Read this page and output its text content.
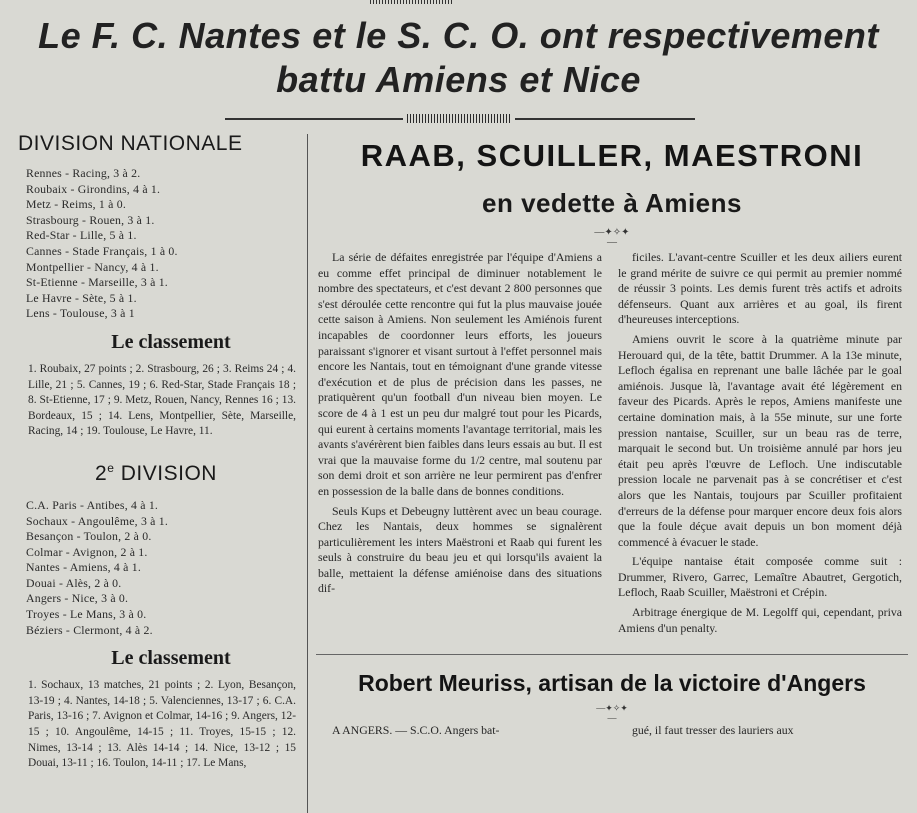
Le F. C. Nantes et le S. C. O. ont respectivement
battu Amiens et Nice
DIVISION NATIONALE
Rennes - Racing, 3 à 2.
Roubaix - Girondins, 4 à 1.
Metz - Reims, 1 à 0.
Strasbourg - Rouen, 3 à 1.
Red-Star - Lille, 5 à 1.
Cannes - Stade Français, 1 à 0.
Montpellier - Nancy, 4 à 1.
St-Etienne - Marseille, 3 à 1.
Le Havre - Sète, 5 à 1.
Lens - Toulouse, 3 à 1
Le classement
1. Roubaix, 27 points ; 2. Strasbourg, 26 ; 3. Reims 24 ; 4. Lille, 21 ; 5. Cannes, 19 ; 6. Red-Star, Stade Français 18 ; 8. St-Etienne, 17 ; 9. Metz, Rouen, Nancy, Rennes 16 ; 13. Bordeaux, 15 ; 14. Lens, Montpellier, Sète, Marseille, Racing, 14 ; 19. Toulouse, Le Havre, 11.
2e DIVISION
C.A. Paris - Antibes, 4 à 1.
Sochaux - Angoulême, 3 à 1.
Besançon - Toulon, 2 à 0.
Colmar - Avignon, 2 à 1.
Nantes - Amiens, 4 à 1.
Douai - Alès, 2 à 0.
Angers - Nice, 3 à 0.
Troyes - Le Mans, 3 à 0.
Béziers - Clermont, 4 à 2.
Le classement
1. Sochaux, 13 matches, 21 points ; 2. Lyon, Besançon, 13-19 ; 4. Nantes, 14-18 ; 5. Valenciennes, 13-17 ; 6. C.A. Paris, 13-16 ; 7. Avignon et Colmar, 14-16 ; 9. Angers, 12-15 ; 10. Angoulême, 14-15 ; 11. Troyes, 15-15 ; 12. Nimes, 13-14 ; 13. Alès 14-14 ; 14. Nice, 13-12 ; 15 Douai, 13-11 ; 16. Toulon, 14-11 ; 17. Le Mans,
RAAB, SCUILLER, MAESTRONI
en vedette à Amiens
—✦✧✦—

La série de défaites enregistrée par l'équipe d'Amiens a eu comme effet principal de diminuer notablement le nombre des spectateurs, et c'est devant 2 800 personnes que s'est déroulée cette rencontre qui fut la plus mauvaise jouée cette saison à Amiens. Non seulement les Amiénois furent incapables de coordonner leurs efforts, les joueurs paraissant s'ignorer et visant surtout à l'effet personnel mais encore les Nantais, tout en témoignant d'une grande vitesse d'exécution et de plus de précision dans les passes, ne pratiquèrent qu'un football d'un niveau bien moyen. Le score de 4 à 1 est un peu dur malgré tout pour les Picards, qui eurent à certains moments l'avantage territorial, mais les avants s'avérèrent bien faibles dans leurs essais au but. Il est vrai que la mauvaise forme du 1/2 centre, mal soutenu par son demi droit et son arrière ne leur permirent pas d'enfrer en possession de la balle dans de bonnes conditions.

Seuls Kups et Debeugny luttèrent avec un beau courage. Chez les Nantais, deux hommes se signalèrent particulièrement les inters Maëstroni et Raab qui furent les seuls à construire du beau jeu et qui lorsqu'ils avaient la balle, mettaient la défense amiénoise dans des situations dif-

ficiles. L'avant-centre Scuiller et les deux ailiers eurent le grand mérite de suivre ce qui permit au premier nommé de réussir 3 points. Les demis furent très actifs et adroits défenseurs. Quant aux arrières et au goal, ils firent d'heureuses interceptions.

Amiens ouvrit le score à la quatrième minute par Herouard qui, de la tête, battit Drummer. A la 13e minute, Lefloch égalisa en reprenant une balle lâchée par le goal amiénois. Jusque là, l'avantage avait été légèrement en faveur des Picards. Après le repos, Amiens manifeste une certaine domination mais, à la 55e minute, sur une forte pression nantaise, Scuiller, sur un beau ras de terre, marquait le second but. Un troisième annulé par hors jeu était peu après l'œuvre de Lefloch. Une indiscutable pression locale ne parvenait pas à se concrétiser et c'est alors que les Nantais, toujours par Scuiller profitaient d'erreurs de la défense pour marquer encore deux fois alors que la foule déçue avait depuis un bon moment déjà commencé à évacuer le stade.

L'équipe nantaise était composée comme suit : Drummer, Rivero, Garrec, Lemaître Abautret, Gergotich, Lefloch, Raab Scuiller, Maëstroni et Crépin.

Arbitrage énergique de M. Legolff qui, cependant, priva Amiens d'un penalty.

Robert Meuriss, artisan de la victoire d'Angers
—✦✧✦—
A ANGERS. — S.C.O. Angers bat-	gué, il faut tresser des lauriers aux
